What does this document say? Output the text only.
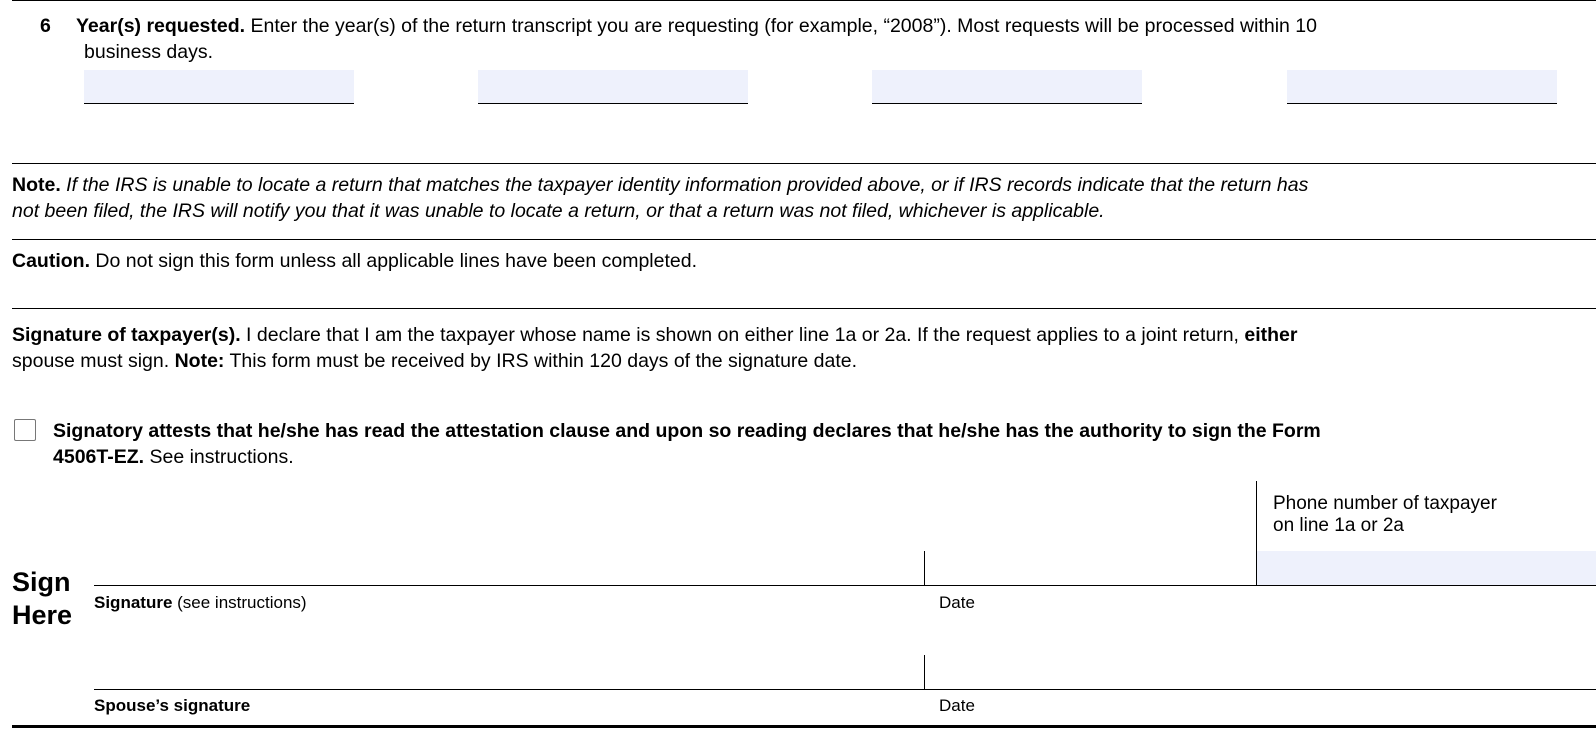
6 Year(s) requested. Enter the year(s) of the return transcript you are requesting (for example, “2008”). Most requests will be processed within 10
business days.
Note. If the IRS is unable to locate a return that matches the taxpayer identity information provided above, or if IRS records indicate that the return has
not been filed, the IRS will notify you that it was unable to locate a return, or that a return was not filed, whichever is applicable.
Caution. Do not sign this form unless all applicable lines have been completed.
Signature of taxpayer(s). I declare that I am the taxpayer whose name is shown on either line 1a or 2a. If the request applies to a joint return, either
spouse must sign. Note: This form must be received by IRS within 120 days of the signature date.
Signatory attests that he/she has read the attestation clause and upon so reading declares that he/she has the authority to sign the Form
4506T-EZ. See instructions.
Phone number of taxpayer
on line 1a or 2a
Sign
Here Signature (see instructions)	Date
Spouse’s signature	Date
